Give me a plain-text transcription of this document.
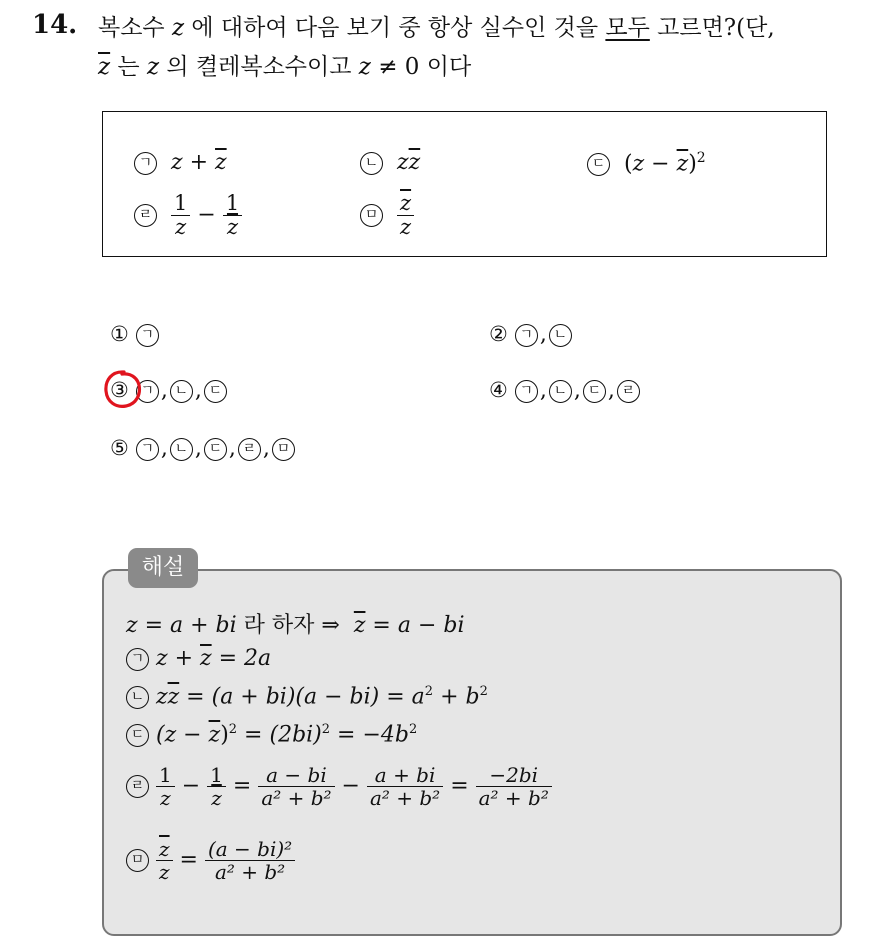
14. 복소수 z 에 대하여 다음 보기 중 항상 실수인 것을 모두 고르면?(단,
$\overline{z}$ 는 z 의 켤레복소수이고 z ≠ 0 이다
ㄱ $z + \overline{z}$	ㄴ $z\overline{z}$	ㄷ $(z - \overline{z})^2$
ㄹ $\frac{1}{z} - \frac{1}{z}$	ㅁ $\frac{\overline{z}}{z}$
① ㄱ	② ㄱ , ㄴ
③ ㄱ , ㄴ , ㄷ	④ ㄱ , ㄴ , ㄷ , ㄹ
⑤ ㄱ , ㄴ , ㄷ , ㄹ , ㅁ
해설
z = a + bi 라 하자 ⇒  $\overline{z} = a$ − bi
ㄱ $z + \overline{z} = 2a$
ㄴ $z\overline{z} = (a + bi)(a - bi) = a^2 + b^2$
ㄷ $(z - \overline{z})^2 = (2bi)^2 = -4b^2$
ㄹ $\frac{1}{z} - \frac{1}{z} = \frac{a - bi}{\text{a² + b²}} - \frac{a + bi}{\text{a² + b²}} = \frac{-2bi}{\text{a² + b²}}$
ㅁ $\frac{\overline{z}}{z} = \frac{\text{(a − bi)²}}{\text{a² + b²}}$
